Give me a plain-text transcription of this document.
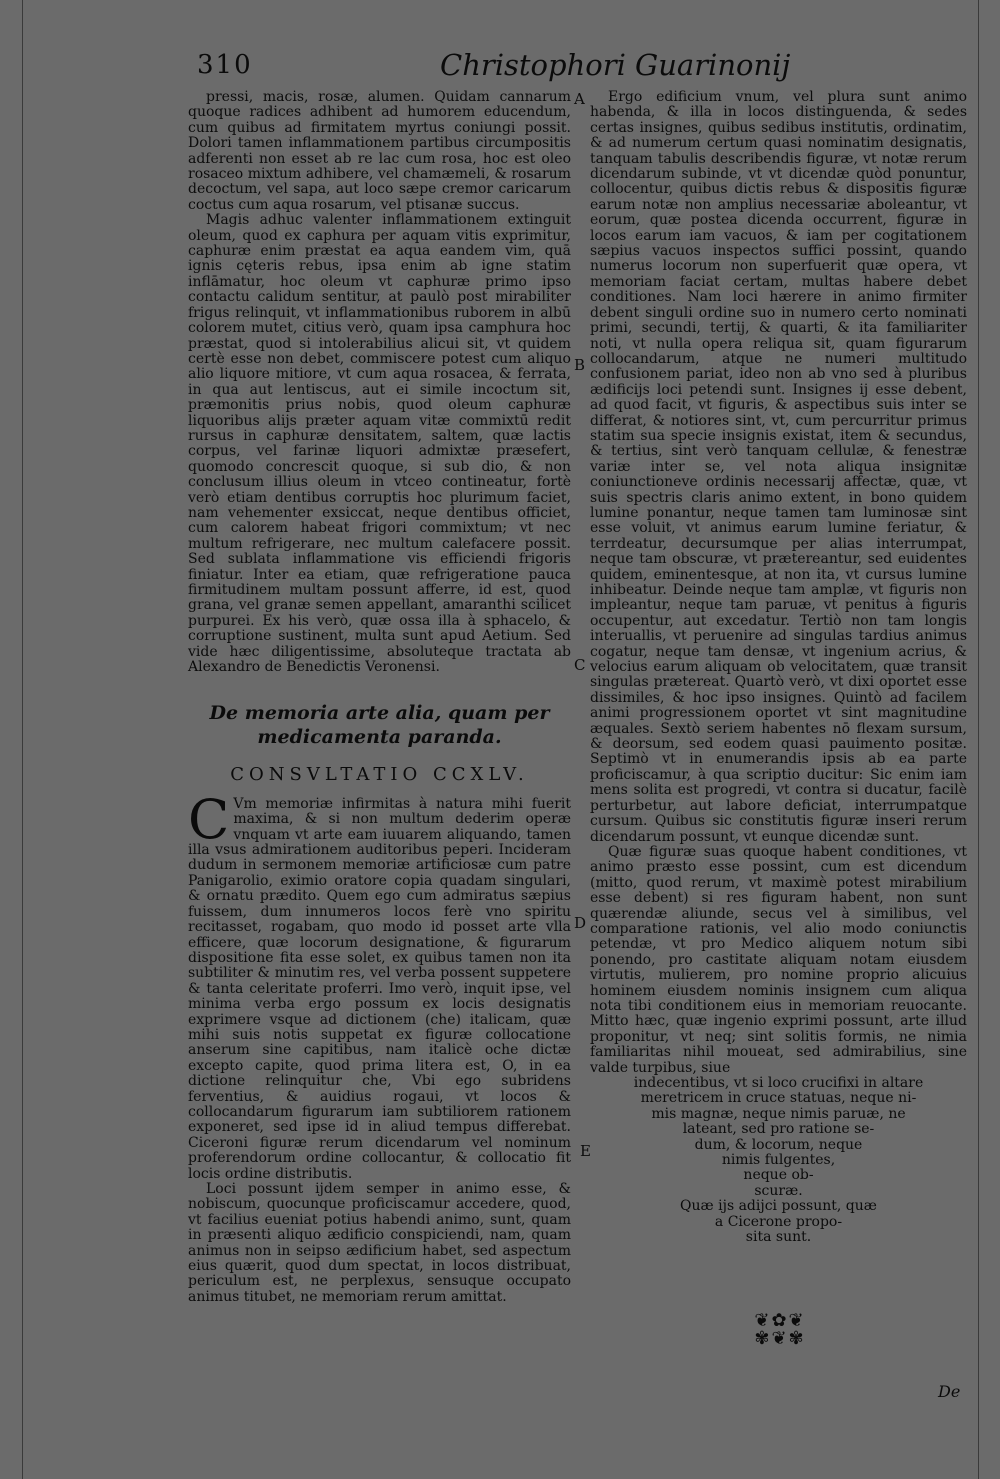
310	Christophori Guarinonij

pressi, macis, rosæ, alumen. Quidam cannarum quoque radices adhibent ad humorem educendum, cum quibus ad firmitatem myrtus coniungi possit. Dolori tamen inflammationem partibus circumpositis adferenti non esset ab re lac cum rosa, hoc est oleo rosaceo mixtum adhibere, vel chamæmeli, & rosarum decoctum, vel sapa, aut loco sæpe cremor caricarum coctus cum aqua rosarum, vel ptisanæ succus.

Magis adhuc valenter inflammationem extinguit oleum, quod ex caphura per aquam vitis exprimitur, caphuræ enim præstat ea aqua eandem vim, quā ignis cęteris rebus, ipsa enim ab igne statim inflāmatur, hoc oleum vt caphuræ primo ipso contactu calidum sentitur, at paulò post mirabiliter frigus relinquit, vt inflammationibus ruborem in albū colorem mutet, citius verò, quam ipsa camphura hoc præstat, quod si intolerabilius alicui sit, vt quidem certè esse non debet, commiscere potest cum aliquo alio liquore mitiore, vt cum aqua rosacea, & ferrata, in qua aut lentiscus, aut ei simile incoctum sit, præmonitis prius nobis, quod oleum caphuræ liquoribus alijs præter aquam vitæ commixtū redit rursus in caphuræ densitatem, saltem, quæ lactis corpus, vel farinæ liquori admixtæ præsefert, quomodo concrescit quoque, si sub dio, & non conclusum illius oleum in vtceo contineatur, fortè verò etiam dentibus corruptis hoc plurimum faciet, nam vehementer exsiccat, neque dentibus officiet, cum calorem habeat frigori commixtum; vt nec multum refrigerare, nec multum calefacere possit. Sed sublata inflammatione vis efficiendi frigoris finiatur. Inter ea etiam, quæ refrigeratione pauca firmitudinem multam possunt afferre, id est, quod grana, vel granæ semen appellant, amaranthi scilicet purpurei. Ex his verò, quæ ossa illa à sphacelo, & corruptione sustinent, multa sunt apud Aetium. Sed vide hæc diligentissime, absoluteque tractata ab Alexandro de Benedictis Veronensi.

De memoria arte alia, quam per medicamenta paranda.
CONSVLTATIO CCXLV.

C Vm memoriæ infirmitas à natura mihi fuerit maxima, & si non multum dederim operæ vnquam vt arte eam iuuarem aliquando, tamen illa vsus admirationem auditoribus peperi. Incideram dudum in sermonem memoriæ artificiosæ cum patre Panigarolio, eximio oratore copia quadam singulari, & ornatu prædito. Quem ego cum admiratus sæpius fuissem, dum innumeros locos ferè vno spiritu recitasset, rogabam, quo modo id posset arte vlla efficere, quæ locorum designatione, & figurarum dispositione fita esse solet, ex quibus tamen non ita subtiliter & minutim res, vel verba possent suppetere & tanta celeritate proferri. Imo verò, inquit ipse, vel minima verba ergo possum ex locis designatis exprimere vsque ad dictionem (che) italicam, quæ mihi suis notis suppetat ex figuræ collocatione anserum sine capitibus, nam italicè oche dictæ excepto capite, quod prima litera est, O, in ea dictione relinquitur che, Vbi ego subridens ferventius, & auidius rogaui, vt locos & collocandarum figurarum iam subtiliorem rationem exponeret, sed ipse id in aliud tempus differebat. Ciceroni figuræ rerum dicendarum vel nominum proferendorum ordine collocantur, & collocatio fit locis ordine distributis.

Loci possunt ijdem semper in animo esse, & nobiscum, quocunque proficiscamur accedere, quod, vt facilius eueniat potius habendi animo, sunt, quam in præsenti aliquo ædificio conspiciendi, nam, quam animus non in seipso ædificium habet, sed aspectum eius quærit, quod dum spectat, in locos distribuat, periculum est, ne perplexus, sensuque occupato animus titubet, ne memoriam rerum amittat.

A
B
C
D
E

Ergo edificium vnum, vel plura sunt animo habenda, & illa in locos distinguenda, & sedes certas insignes, quibus sedibus institutis, ordinatim, & ad numerum certum quasi nominatim designatis, tanquam tabulis describendis figuræ, vt notæ rerum dicendarum subinde, vt vt dicendæ quòd ponuntur, collocentur, quibus dictis rebus & dispositis figuræ earum notæ non amplius necessariæ aboleantur, vt eorum, quæ postea dicenda occurrent, figuræ in locos earum iam vacuos, & iam per cogitationem sæpius vacuos inspectos suffici possint, quando numerus locorum non superfuerit quæ opera, vt memoriam faciat certam, multas habere debet conditiones. Nam loci hærere in animo firmiter debent singuli ordine suo in numero certo nominati primi, secundi, tertij, & quarti, & ita familiariter noti, vt nulla opera reliqua sit, quam figurarum collocandarum, atque ne numeri multitudo confusionem pariat, ideo non ab vno sed à pluribus ædificijs loci petendi sunt. Insignes ij esse debent, ad quod facit, vt figuris, & aspectibus suis inter se differat, & notiores sint, vt, cum percurritur primus statim sua specie insignis existat, item & secundus, & tertius, sint verò tanquam cellulæ, & fenestræ variæ inter se, vel nota aliqua insignitæ coniunctioneve ordinis necessarij affectæ, quæ, vt suis spectris claris animo extent, in bono quidem lumine ponantur, neque tamen tam luminosæ sint esse voluit, vt animus earum lumine feriatur, & terrdeatur, decursumque per alias interrumpat, neque tam obscuræ, vt prætereantur, sed euidentes quidem, eminentesque, at non ita, vt cursus lumine inhibeatur. Deinde neque tam amplæ, vt figuris non impleantur, neque tam paruæ, vt penitus à figuris occupentur, aut excedatur. Tertiò non tam longis interuallis, vt peruenire ad singulas tardius animus cogatur, neque tam densæ, vt ingenium acrius, & velocius earum aliquam ob velocitatem, quæ transit singulas prætereat. Quartò verò, vt dixi oportet esse dissimiles, & hoc ipso insignes. Quintò ad facilem animi progressionem oportet vt sint magnitudine æquales. Sextò seriem habentes nō flexam sursum, & deorsum, sed eodem quasi pauimento positæ. Septimò vt in enumerandis ipsis ab ea parte proficiscamur, à qua scriptio ducitur: Sic enim iam mens solita est progredi, vt contra si ducatur, facilè perturbetur, aut labore deficiat, interrumpatque cursum. Quibus sic constitutis figuræ inseri rerum dicendarum possunt, vt eunque dicendæ sunt.

Quæ figuræ suas quoque habent conditiones, vt animo præsto esse possint, cum est dicendum (mitto, quod rerum, vt maximè potest mirabilium esse debent) si res figuram habent, non sunt quærendæ aliunde, secus vel à similibus, vel comparatione rationis, vel alio modo coniunctis petendæ, vt pro Medico aliquem notum sibi ponendo, pro castitate aliquam notam eiusdem virtutis, mulierem, pro nomine proprio alicuius hominem eiusdem nominis insignem cum aliqua nota tibi conditionem eius in memoriam reuocante. Mitto hæc, quæ ingenio exprimi possunt, arte illud proponitur, vt neq; sint solitis formis, ne nimia familiaritas nihil moueat, sed admirabilius, sine valde turpibus, siue

indecentibus, vt si loco crucifixi in altare

meretricem in cruce statuas, neque ni-

mis magnæ, neque nimis paruæ, ne

lateant, sed pro ratione se-

dum, & locorum, neque

nimis fulgentes,

neque ob-

scuræ.

Quæ ijs adijci possunt, quæ

a Cicerone propo-

sita sunt.

❦✿❦
✾❦✾
De
